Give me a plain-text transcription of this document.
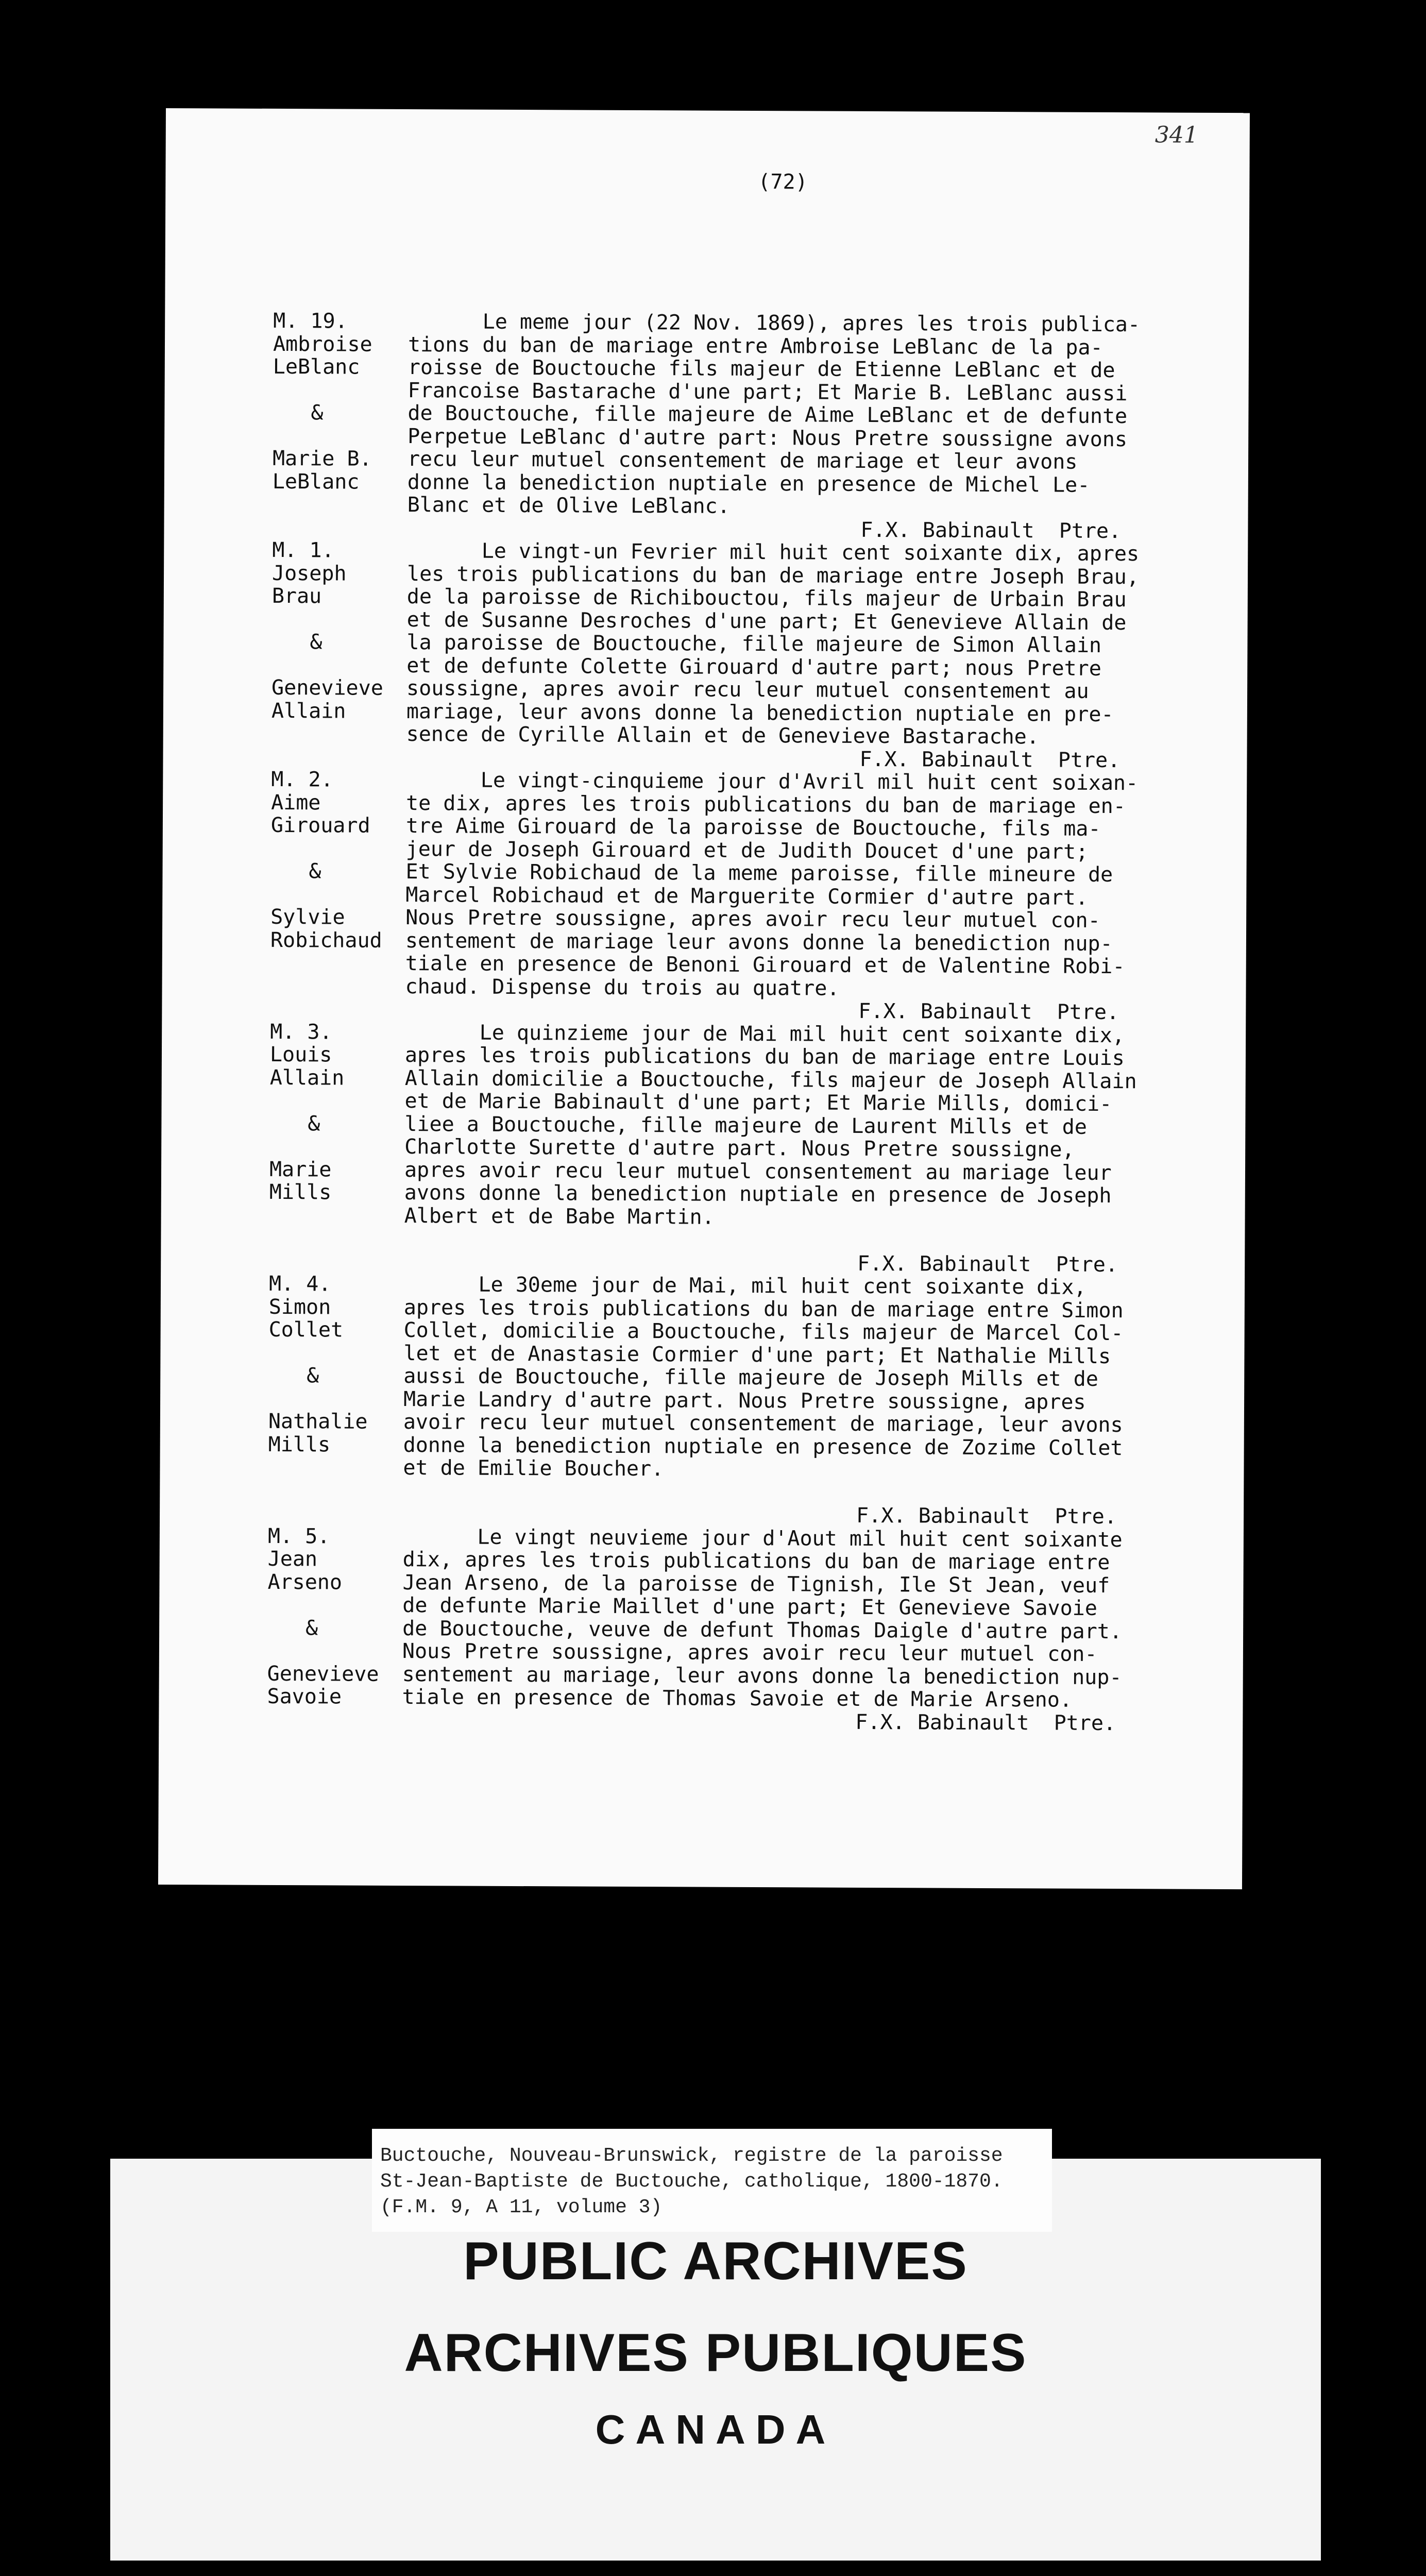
341
(72)
M. 19.
Ambroise
LeBlanc
&
Marie B.
LeBlanc
Le meme jour (22 Nov. 1869), apres les trois publica-
tions du ban de mariage entre Ambroise LeBlanc de la pa-
roisse de Bouctouche fils majeur de Etienne LeBlanc et de
Francoise Bastarache d'une part; Et Marie B. LeBlanc aussi
de Bouctouche, fille majeure de Aime LeBlanc et de defunte
Perpetue LeBlanc d'autre part: Nous Pretre soussigne avons
recu leur mutuel consentement de mariage et leur avons
donne la benediction nuptiale en presence de Michel Le-
Blanc et de Olive LeBlanc.
F.X. Babinault  Ptre.
M. 1.
Joseph
Brau
&
Genevieve
Allain
Le vingt-un Fevrier mil huit cent soixante dix, apres
les trois publications du ban de mariage entre Joseph Brau,
de la paroisse de Richibouctou, fils majeur de Urbain Brau
et de Susanne Desroches d'une part; Et Genevieve Allain de
la paroisse de Bouctouche, fille majeure de Simon Allain
et de defunte Colette Girouard d'autre part; nous Pretre
soussigne, apres avoir recu leur mutuel consentement au
mariage, leur avons donne la benediction nuptiale en pre-
sence de Cyrille Allain et de Genevieve Bastarache.
F.X. Babinault  Ptre.
M. 2.
Aime
Girouard
&
Sylvie
Robichaud
Le vingt-cinquieme jour d'Avril mil huit cent soixan-
te dix, apres les trois publications du ban de mariage en-
tre Aime Girouard de la paroisse de Bouctouche, fils ma-
jeur de Joseph Girouard et de Judith Doucet d'une part;
Et Sylvie Robichaud de la meme paroisse, fille mineure de
Marcel Robichaud et de Marguerite Cormier d'autre part.
Nous Pretre soussigne, apres avoir recu leur mutuel con-
sentement de mariage leur avons donne la benediction nup-
tiale en presence de Benoni Girouard et de Valentine Robi-
chaud. Dispense du trois au quatre.
F.X. Babinault  Ptre.
M. 3.
Louis
Allain
&
Marie
Mills
Le quinzieme jour de Mai mil huit cent soixante dix,
apres les trois publications du ban de mariage entre Louis
Allain domicilie a Bouctouche, fils majeur de Joseph Allain
et de Marie Babinault d'une part; Et Marie Mills, domici-
liee a Bouctouche, fille majeure de Laurent Mills et de
Charlotte Surette d'autre part. Nous Pretre soussigne,
apres avoir recu leur mutuel consentement au mariage leur
avons donne la benediction nuptiale en presence de Joseph
Albert et de Babe Martin.
F.X. Babinault  Ptre.
M. 4.
Simon
Collet
&
Nathalie
Mills
Le 30eme jour de Mai, mil huit cent soixante dix,
apres les trois publications du ban de mariage entre Simon
Collet, domicilie a Bouctouche, fils majeur de Marcel Col-
let et de Anastasie Cormier d'une part; Et Nathalie Mills
aussi de Bouctouche, fille majeure de Joseph Mills et de
Marie Landry d'autre part. Nous Pretre soussigne, apres
avoir recu leur mutuel consentement de mariage, leur avons
donne la benediction nuptiale en presence de Zozime Collet
et de Emilie Boucher.
F.X. Babinault  Ptre.
M. 5.
Jean
Arseno
&
Genevieve
Savoie
Le vingt neuvieme jour d'Aout mil huit cent soixante
dix, apres les trois publications du ban de mariage entre
Jean Arseno, de la paroisse de Tignish, Ile St Jean, veuf
de defunte Marie Maillet d'une part; Et Genevieve Savoie
de Bouctouche, veuve de defunt Thomas Daigle d'autre part.
Nous Pretre soussigne, apres avoir recu leur mutuel con-
sentement au mariage, leur avons donne la benediction nup-
tiale en presence de Thomas Savoie et de Marie Arseno.
F.X. Babinault  Ptre.
Buctouche, Nouveau-Brunswick, registre de la paroisse
St-Jean-Baptiste de Buctouche, catholique, 1800-1870.
(F.M. 9, A 11, volume 3)
PUBLIC ARCHIVES
ARCHIVES PUBLIQUES
CANADA
